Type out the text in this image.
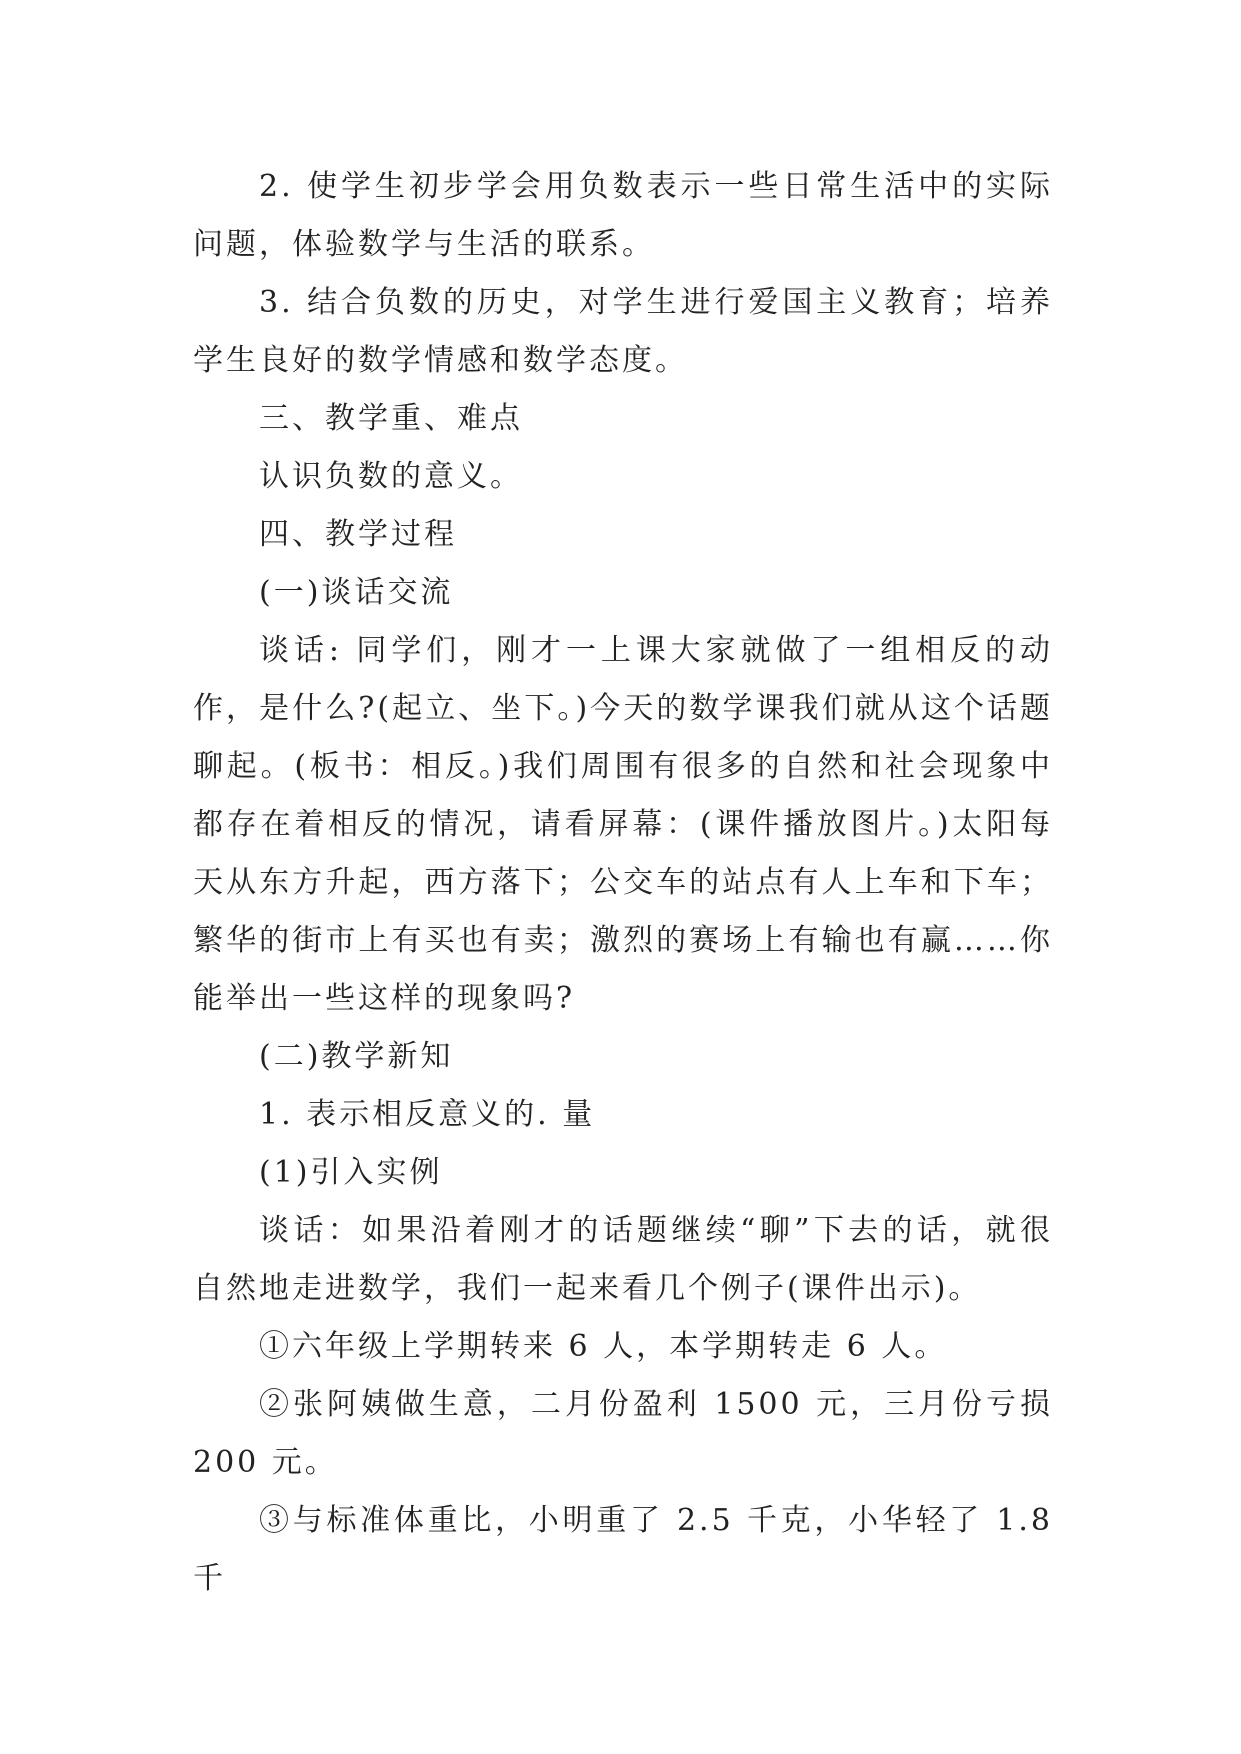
2. 使学生初步学会用负数表示一些日常生活中的实际问题，体验数学与生活的联系。

3. 结合负数的历史，对学生进行爱国主义教育；培养学生良好的数学情感和数学态度。

三、教学重、难点

认识负数的意义。

四、教学过程

(一)谈话交流

谈话: 同学们，刚才一上课大家就做了一组相反的动作，是什么?(起立、坐下。)今天的数学课我们就从这个话题聊起。(板书：相反。)我们周围有很多的自然和社会现象中都存在着相反的情况，请看屏幕：(课件播放图片。)太阳每天从东方升起，西方落下；公交车的站点有人上车和下车；繁华的街市上有买也有卖；激烈的赛场上有输也有赢……你能举出一些这样的现象吗?

(二)教学新知

1. 表示相反意义的. 量

(1)引入实例

谈话：如果沿着刚才的话题继续“聊”下去的话，就很自然地走进数学，我们一起来看几个例子(课件出示)。

①六年级上学期转来 6 人，本学期转走 6 人。

②张阿姨做生意，二月份盈利 1500 元，三月份亏损 200 元。

③与标准体重比，小明重了 2.5 千克，小华轻了 1.8 千
